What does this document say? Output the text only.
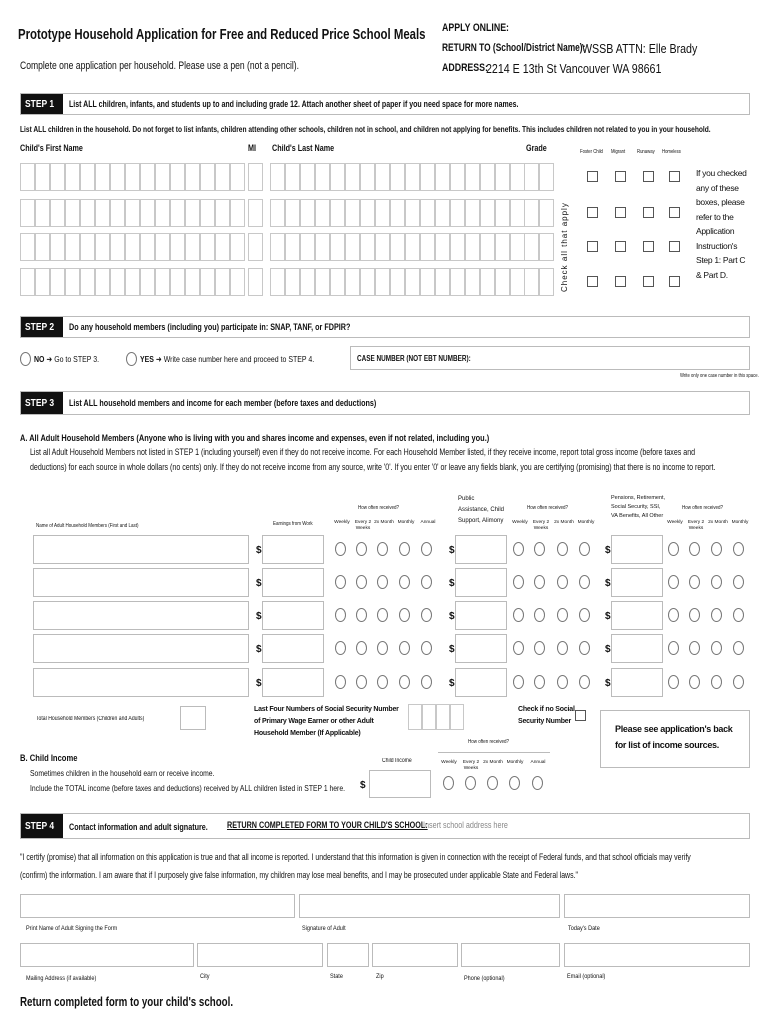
Prototype Household Application for Free and Reduced Price School Meals
Complete one application per household. Please use a pen (not a pencil).
APPLY ONLINE:
RETURN TO (School/District Name):
WSSB ATTN: Elle Brady
ADDRESS:
2214 E 13th St Vancouver WA 98661
STEP 1 List ALL children, infants, and students up to and including grade 12. Attach another sheet of paper if you need space for more names.
List ALL children in the household. Do not forget to list infants, children attending other schools, children not in school, and children not applying for benefits. This includes children not related to you in your household.
Child's First Name	MI Child's Last Name	Grade	Foster Child Migrant Runaway Homeless
Check all that apply
If you checked any of these boxes, please refer to the Application Instruction's Step 1: Part C & Part D.
STEP 2 Do any household members (including you) participate in: SNAP, TANF, or FDPIR?
NO ➜ Go to STEP 3.	YES ➜ Write case number here and proceed to STEP 4.	CASE NUMBER (NOT EBT NUMBER):
Write only one case number in this space.
STEP 3 List ALL household members and income for each member (before taxes and deductions)
A. All Adult Household Members (Anyone who is living with you and shares income and expenses, even if not related, including you.)
List all Adult Household Members not listed in STEP 1 (including yourself) even if they do not receive income. For each Household Member listed, if they receive income, report total gross income (before taxes and
deductions) for each source in whole dollars (no cents) only. If they do not receive income from any source, write '0'. If you enter '0' or leave any fields blank, you are certifying (promising) that there is no income to report.
Name of Adult Household Members (First and Last)	Earnings from Work
How often received?
Public Assistance, Child Support, Alimony
How often received?
Pensions, Retirement, Social Security, SSI, VA Benefits, All Other
How often received?
Weekly	Every 2 Weeks
2x Month Monthly	Annual	Weekly	Every 2 Weeks
2x Month Monthly	Weekly	Every 2 Weeks
2x Month Monthly
$	$	$
$	$	$
$	$	$
$	$	$
$	$	$
Total Household Members (Children and Adults)
Last Four Numbers of Social Security Number of Primary Wage Earner or other Adult Household Member (If Applicable)
Check if no Social Security Number
Please see application's back for list of income sources.
B. Child Income
Sometimes children in the household earn or receive income.
Include the TOTAL income (before taxes and deductions) received by ALL children listed in STEP 1 here.
Child Income
$
How often received?
Weekly	Every 2 Weeks
2x Month Monthly	Annual
STEP 4 Contact information and adult signature. RETURN COMPLETED FORM TO YOUR CHILD'S SCHOOL:
Insert school address here
"I certify (promise) that all information on this application is true and that all income is reported. I understand that this information is given in connection with the receipt of Federal funds, and that school officials may verify
(confirm) the information. I am aware that if I purposely give false information, my children may lose meal benefits, and I may be prosecuted under applicable State and Federal laws."
Print Name of Adult Signing the Form	Signature of Adult	Today's Date
Mailing Address (if available)	City	State	Zip	Phone (optional)	Email (optional)
Return completed form to your child's school.
